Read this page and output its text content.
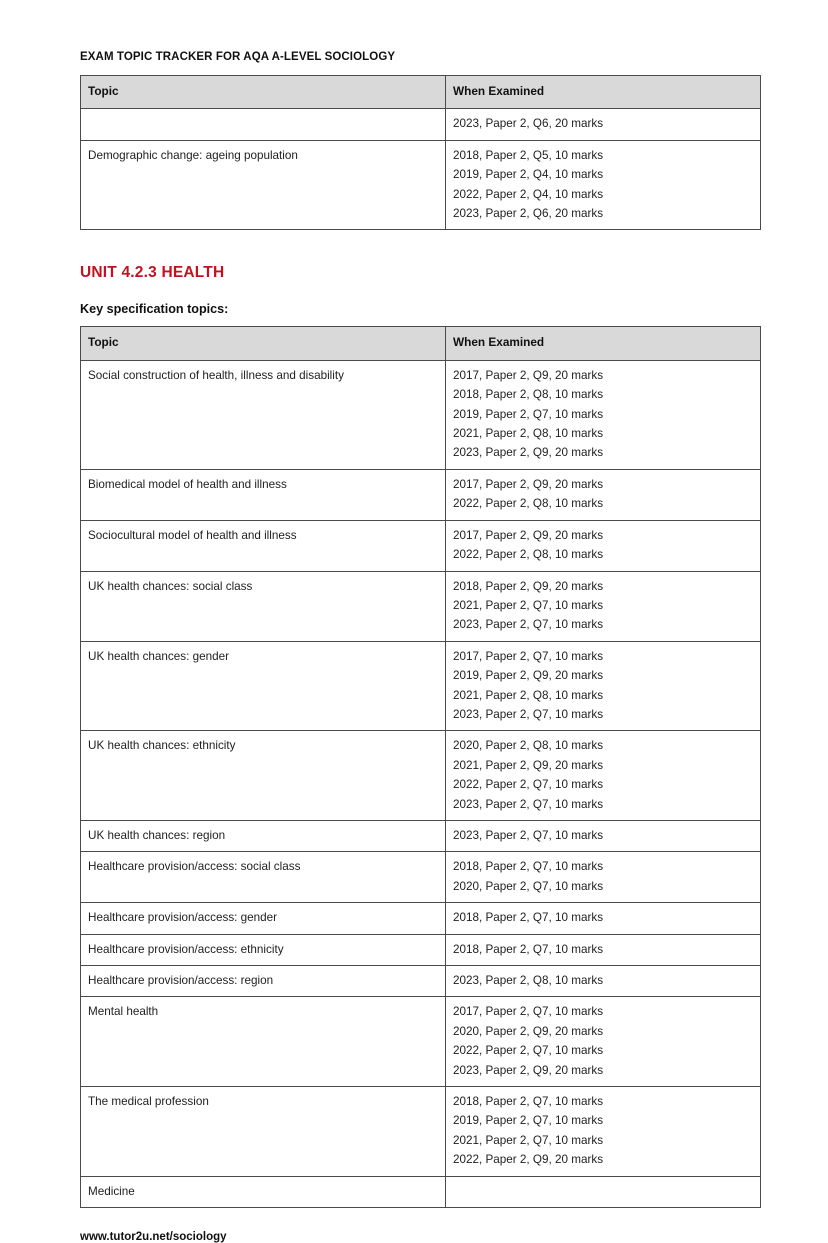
EXAM TOPIC TRACKER FOR AQA A-LEVEL SOCIOLOGY
Topic	When Examined

	2023, Paper 2, Q6, 20 marks

Demographic change: ageing population	2018, Paper 2, Q5, 10 marks
2019, Paper 2, Q4, 10 marks
2022, Paper 2, Q4, 10 marks
2023, Paper 2, Q6, 20 marks
UNIT 4.2.3 HEALTH
Key specification topics:
Topic	When Examined
Social construction of health, illness and disability	2017, Paper 2, Q9, 20 marks
2018, Paper 2, Q8, 10 marks
2019, Paper 2, Q7, 10 marks
2021, Paper 2, Q8, 10 marks
2023, Paper 2, Q9, 20 marks

Biomedical model of health and illness	2017, Paper 2, Q9, 20 marks
2022, Paper 2, Q8, 10 marks

Sociocultural model of health and illness	2017, Paper 2, Q9, 20 marks
2022, Paper 2, Q8, 10 marks

UK health chances: social class	2018, Paper 2, Q9, 20 marks
2021, Paper 2, Q7, 10 marks
2023, Paper 2, Q7, 10 marks

UK health chances: gender	2017, Paper 2, Q7, 10 marks
2019, Paper 2, Q9, 20 marks
2021, Paper 2, Q8, 10 marks
2023, Paper 2, Q7, 10 marks

UK health chances: ethnicity	2020, Paper 2, Q8, 10 marks
2021, Paper 2, Q9, 20 marks
2022, Paper 2, Q7, 10 marks
2023, Paper 2, Q7, 10 marks

UK health chances: region	2023, Paper 2, Q7, 10 marks

Healthcare provision/access: social class	2018, Paper 2, Q7, 10 marks
2020, Paper 2, Q7, 10 marks

Healthcare provision/access: gender	2018, Paper 2, Q7, 10 marks

Healthcare provision/access: ethnicity	2018, Paper 2, Q7, 10 marks

Healthcare provision/access: region	2023, Paper 2, Q8, 10 marks

Mental health	2017, Paper 2, Q7, 10 marks
2020, Paper 2, Q9, 20 marks
2022, Paper 2, Q7, 10 marks
2023, Paper 2, Q9, 20 marks

The medical profession	2018, Paper 2, Q7, 10 marks
2019, Paper 2, Q7, 10 marks
2021, Paper 2, Q7, 10 marks
2022, Paper 2, Q9, 20 marks

Medicine	
www.tutor2u.net/sociology
